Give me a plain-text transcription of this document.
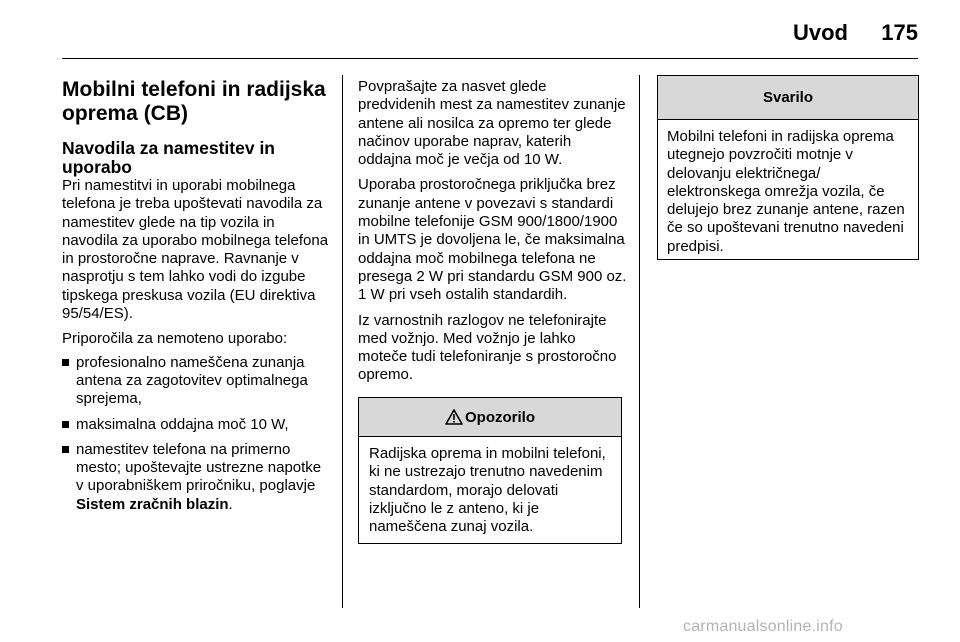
Uvod 175
Mobilni telefoni in radijska oprema (CB)
Navodila za namestitev in uporabo

Pri namestitvi in uporabi mobilnega telefona je treba upoštevati navodila za namestitev glede na tip vozila in navodila za uporabo mobilnega telefona in prostoročne naprave. Ravnanje v nasprotju s tem lahko vodi do izgube tipskega preskusa vozila (EU direktiva 95/54/ES).

Priporočila za nemoteno uporabo:

profesionalno nameščena zunanja antena za zagotovitev optimalnega sprejema,
maksimalna oddajna moč 10 W,
namestitev telefona na primerno mesto; upoštevajte ustrezne napotke v uporabniškem priročniku, poglavje Sistem zračnih blazin.

Povprašajte za nasvet glede predvidenih mest za namestitev zunanje antene ali nosilca za opremo ter glede načinov uporabe naprav, katerih oddajna moč je večja od 10 W.

Uporaba prostoročnega priključka brez zunanje antene v povezavi s standardi mobilne telefonije GSM 900/1800/1900 in UMTS je dovoljena le, če maksimalna oddajna moč mobilnega telefona ne presega 2 W pri standardu GSM 900 oz. 1 W pri vseh ostalih standardih.

Iz varnostnih razlogov ne telefonirajte med vožnjo. Med vožnjo je lahko moteče tudi telefoniranje s prostoročno opremo.

Opozorilo
Radijska oprema in mobilni telefoni, ki ne ustrezajo trenutno navedenim standardom, morajo delovati izključno le z anteno, ki je nameščena zunaj vozila.
Svarilo
Mobilni telefoni in radijska oprema utegnejo povzročiti motnje v delovanju električnega/ elektronskega omrežja vozila, če delujejo brez zunanje antene, razen če so upoštevani trenutno navedeni predpisi.
carmanualsonline.info
